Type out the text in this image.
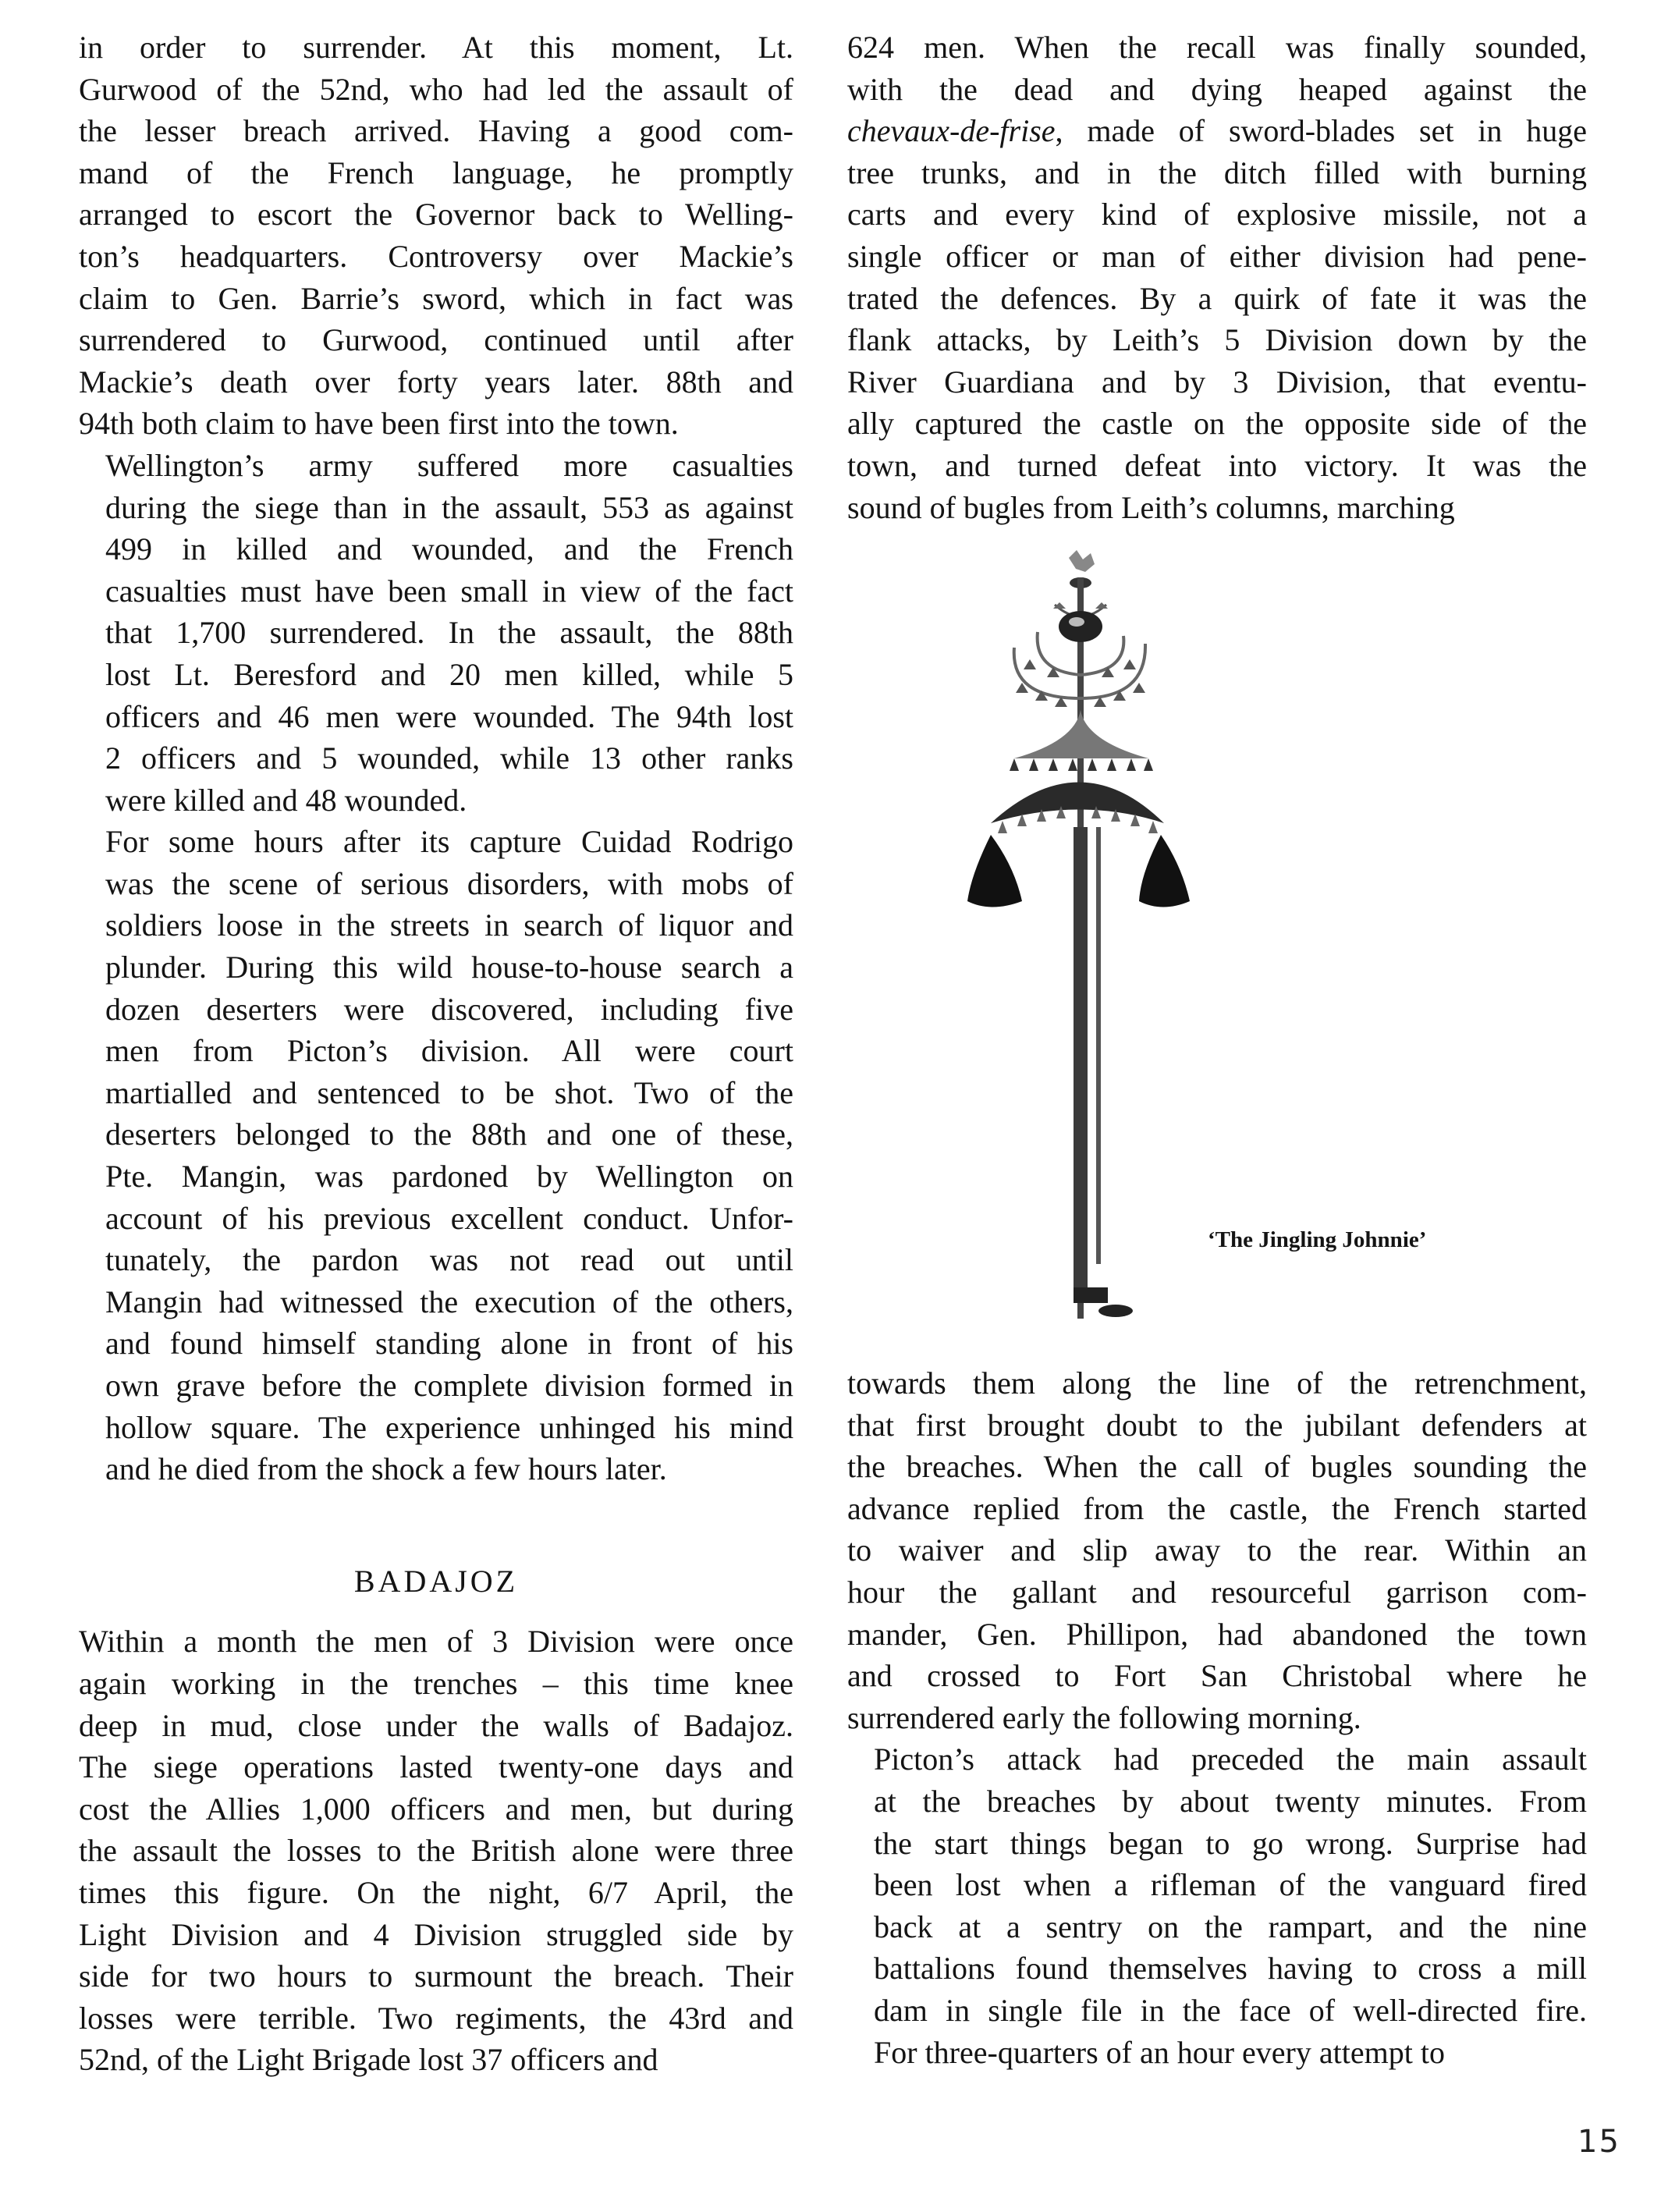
in order to surrender. At this moment, Lt.
Gurwood of the 52nd, who had led the assault of
the lesser breach arrived. Having a good com-
mand of the French language, he promptly
arranged to escort the Governor back to Welling-
ton’s headquarters. Controversy over Mackie’s
claim to Gen. Barrie’s sword, which in fact was
surrendered to Gurwood, continued until after
Mackie’s death over forty years later. 88th and
94th both claim to have been first into the town.

Wellington’s army suffered more casualties
during the siege than in the assault, 553 as against
499 in killed and wounded, and the French
casualties must have been small in view of the fact
that 1,700 surrendered. In the assault, the 88th
lost Lt. Beresford and 20 men killed, while 5
officers and 46 men were wounded. The 94th lost
2 officers and 5 wounded, while 13 other ranks
were killed and 48 wounded.

For some hours after its capture Cuidad Rodrigo
was the scene of serious disorders, with mobs of
soldiers loose in the streets in search of liquor and
plunder. During this wild house-to-house search a
dozen deserters were discovered, including five
men from Picton’s division. All were court
martialled and sentenced to be shot. Two of the
deserters belonged to the 88th and one of these,
Pte. Mangin, was pardoned by Wellington on
account of his previous excellent conduct. Unfor-
tunately, the pardon was not read out until
Mangin had witnessed the execution of the others,
and found himself standing alone in front of his
own grave before the complete division formed in
hollow square. The experience unhinged his mind
and he died from the shock a few hours later.

BADAJOZ

Within a month the men of 3 Division were once
again working in the trenches – this time knee
deep in mud, close under the walls of Badajoz.
The siege operations lasted twenty-one days and
cost the Allies 1,000 officers and men, but during
the assault the losses to the British alone were three
times this figure. On the night, 6/7 April, the
Light Division and 4 Division struggled side by
side for two hours to surmount the breach. Their
losses were terrible. Two regiments, the 43rd and
52nd, of the Light Brigade lost 37 officers and

624 men. When the recall was finally sounded,
with the dead and dying heaped against the
chevaux-de-frise, made of sword-blades set in huge
tree trunks, and in the ditch filled with burning
carts and every kind of explosive missile, not a
single officer or man of either division had pene-
trated the defences. By a quirk of fate it was the
flank attacks, by Leith’s 5 Division down by the
River Guardiana and by 3 Division, that eventu-
ally captured the castle on the opposite side of the
town, and turned defeat into victory. It was the
sound of bugles from Leith’s columns, marching

‘The Jingling Johnnie’

towards them along the line of the retrenchment,
that first brought doubt to the jubilant defenders at
the breaches. When the call of bugles sounding the
advance replied from the castle, the French started
to waiver and slip away to the rear. Within an
hour the gallant and resourceful garrison com-
mander, Gen. Phillipon, had abandoned the town
and crossed to Fort San Christobal where he
surrendered early the following morning.

Picton’s attack had preceded the main assault
at the breaches by about twenty minutes. From
the start things began to go wrong. Surprise had
been lost when a rifleman of the vanguard fired
back at a sentry on the rampart, and the nine
battalions found themselves having to cross a mill
dam in single file in the face of well-directed fire.
For three-quarters of an hour every attempt to

15
